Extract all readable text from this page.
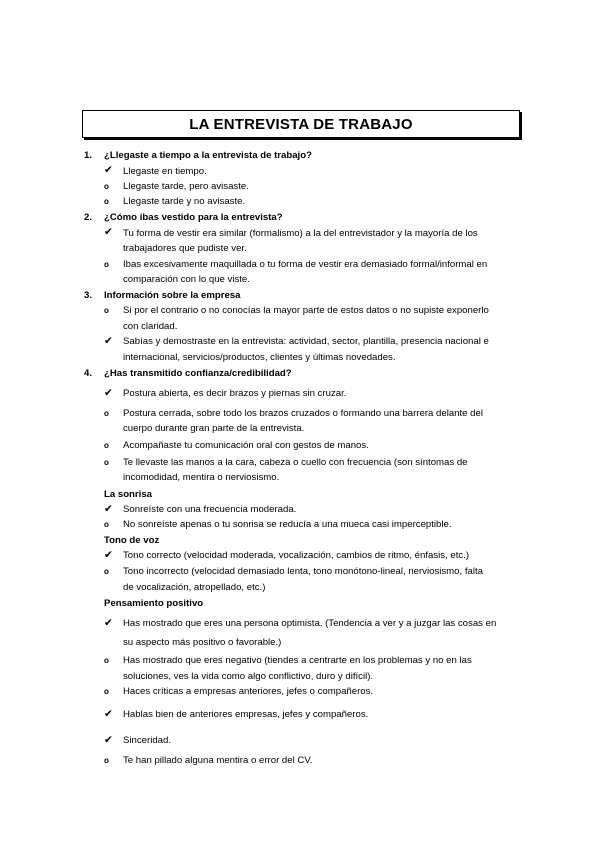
LA ENTREVISTA DE TRABAJO
1. ¿Llegaste a tiempo a la entrevista de trabajo?
✔	Llegaste en tiempo.
o	Llegaste tarde, pero avisaste.
o	Llegaste tarde y no avisaste.
2. ¿Cómo ibas vestido para la entrevista?
✔	Tu forma de vestir era similar (formalismo) a la del entrevistador y la mayoría de los
trabajadores que pudiste ver.
o	Ibas excesivamente maquillada o tu forma de vestir era demasiado formal/informal en
comparación con lo que viste.
3. Información sobre la empresa
o	Si por el contrario o no conocías la mayor parte de estos datos o no supiste exponerlo
con claridad.
✔	Sabías y demostraste en la entrevista: actividad, sector, plantilla, presencia nacional e
internacional, servicios/productos, clientes y últimas novedades.
4. ¿Has transmitido confianza/credibilidad?
✔	Postura abierta, es decir brazos y piernas sin cruzar.
o	Postura cerrada, sobre todo los brazos cruzados o formando una barrera delante del
cuerpo durante gran parte de la entrevista.
o	Acompañaste tu comunicación oral con gestos de manos.
o	Te llevaste las manos a la cara, cabeza o cuello con frecuencia (son síntomas de
incomodidad, mentira o nerviosismo.
La sonrisa
✔	Sonreíste con una frecuencia moderada.
o	No sonreíste apenas o tu sonrisa se reducía a una mueca casi imperceptible.
Tono de voz
✔	Tono correcto (velocidad moderada, vocalización, cambios de ritmo, énfasis, etc.)
o	Tono incorrecto (velocidad demasiado lenta, tono monótono-lineal, nerviosismo, falta
de vocalización, atropellado, etc.)
Pensamiento positivo
✔	Has mostrado que eres una persona optimista. (Tendencia a ver y a juzgar las cosas en
su aspecto más positivo o favorable.)
o	Has mostrado que eres negativo (tiendes a centrarte en los problemas y no en las
soluciones, ves la vida como algo conflictivo, duro y difícil).
o	Haces críticas a empresas anteriores, jefes o compañeros.
✔	Hablas bien de anteriores empresas, jefes y compañeros.
✔	Sinceridad.
o	Te han pillado alguna mentira o error del CV.
